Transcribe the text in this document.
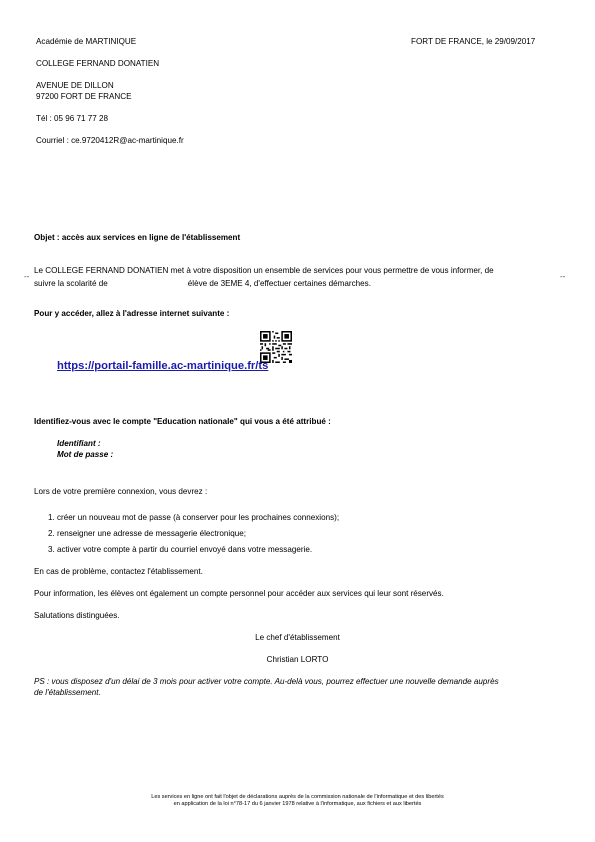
Académie de MARTINIQUE	FORT DE FRANCE, le 29/09/2017
COLLEGE FERNAND DONATIEN
AVENUE DE DILLON
97200 FORT DE FRANCE
Tél : 05 96 71 77 28
Courriel : ce.9720412R@ac-martinique.fr
Objet : accès aux services en ligne de l'établissement
--
Le COLLEGE FERNAND DONATIEN met à votre disposition un ensemble de services pour vous permettre de vous informer, de
suivre la scolarité de	élève de 3EME 4, d'effectuer certaines démarches.
--
Pour y accéder, allez à l'adresse internet suivante :
https://portail-famille.ac-martinique.fr/ts
Identifiez-vous avec le compte "Education nationale" qui vous a été attribué :
Identifiant :
Mot de passe :
Lors de votre première connexion, vous devrez :
1. créer un nouveau mot de passe (à conserver pour les prochaines connexions);
2. renseigner une adresse de messagerie électronique;
3. activer votre compte à partir du courriel envoyé dans votre messagerie.
En cas de problème, contactez l'établissement.
Pour information, les élèves ont également un compte personnel pour accéder aux services qui leur sont réservés.
Salutations distinguées.
Le chef d'établissement
Christian LORTO
PS : vous disposez d'un délai de 3 mois pour activer votre compte. Au-delà vous, pourrez effectuer une nouvelle demande auprès
de l'établissement.
Les services en ligne ont fait l'objet de déclarations auprès de la commission nationale de l'informatique et des libertés
en application de la loi n°78-17 du 6 janvier 1978 relative à l'informatique, aux fichiers et aux libertés
